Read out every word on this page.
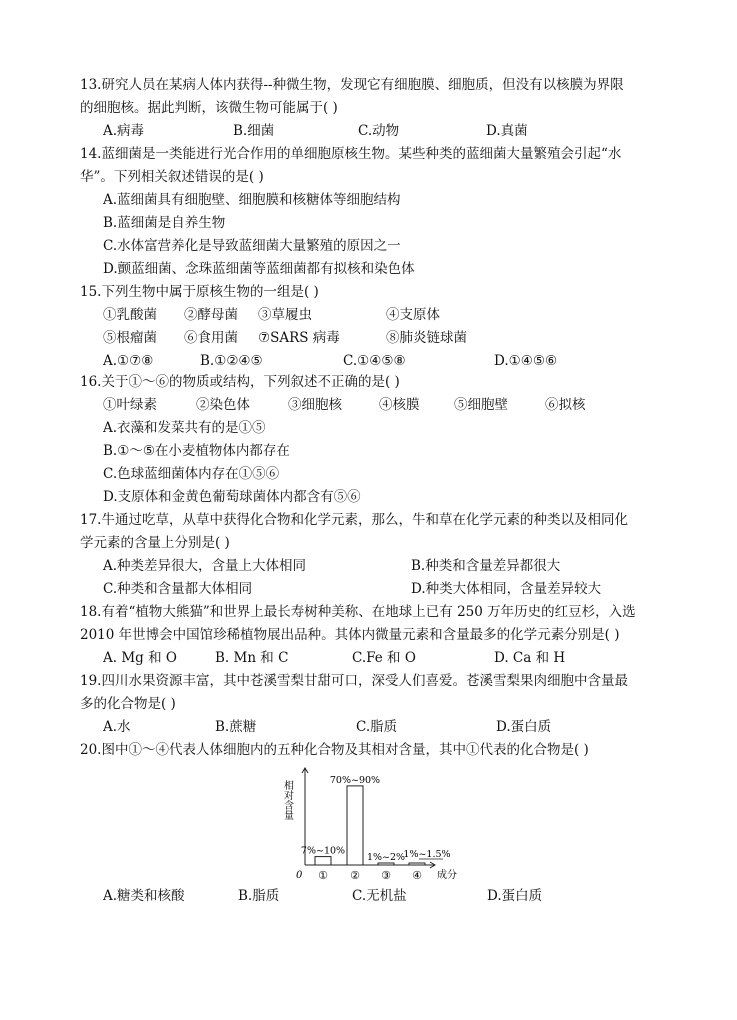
13.研究人员在某病人体内获得--种微生物，发现它有细胞膜、细胞质，但没有以核膜为界限
的细胞核。据此判断，该微生物可能属于( )
A.病毒	B.细菌	C.动物	D.真菌
14.蓝细菌是一类能进行光合作用的单细胞原核生物。某些种类的蓝细菌大量繁殖会引起“水
华”。下列相关叙述错误的是( )
A.蓝细菌具有细胞壁、细胞膜和核糖体等细胞结构
B.蓝细菌是自养生物
C.水体富营养化是导致蓝细菌大量繁殖的原因之一
D.颤蓝细菌、念珠蓝细菌等蓝细菌都有拟核和染色体
15.下列生物中属于原核生物的一组是( )
①乳酸菌 ②酵母菌 ③草履虫	④支原体
⑤根瘤菌 ⑥食用菌 ⑦SARS 病毒	⑧肺炎链球菌
A.①⑦⑧	B.①②④⑤	C.①④⑤⑧	D.①④⑤⑥
16.关于①～⑥的物质或结构，下列叙述不正确的是( )
①叶绿素	②染色体	③细胞核	④核膜	⑤细胞壁	⑥拟核
A.衣藻和发菜共有的是①⑤
B.①～⑤在小麦植物体内都存在
C.色球蓝细菌体内存在①⑤⑥
D.支原体和金黄色葡萄球菌体内都含有⑤⑥
17.牛通过吃草，从草中获得化合物和化学元素，那么，牛和草在化学元素的种类以及相同化
学元素的含量上分别是( )
A.种类差异很大，含量上大体相同	B.种类和含量差异都很大
C.种类和含量都大体相同	D.种类大体相同，含量差异较大
18.有着“植物大熊猫”和世界上最长寿树种美称、在地球上已有 250 万年历史的红豆杉，入选
2010 年世博会中国馆珍稀植物展出品种。其体内微量元素和含量最多的化学元素分别是( )
A. Mg 和 O	B. Mn 和 C	C.Fe 和 O	D. Ca 和 H
19.四川水果资源丰富，其中苍溪雪梨甘甜可口，深受人们喜爱。苍溪雪梨果肉细胞中含量最
多的化合物是( )
A.水	B.蔗糖	C.脂质	D.蛋白质
20.图中①～④代表人体细胞内的五种化合物及其相对含量，其中①代表的化合物是( )
0
相对含量
成分
①
7%~10%
②
70%~90%
③
1%~2%
④
1%~1.5%
A.糖类和核酸	B.脂质	C.无机盐	D.蛋白质
